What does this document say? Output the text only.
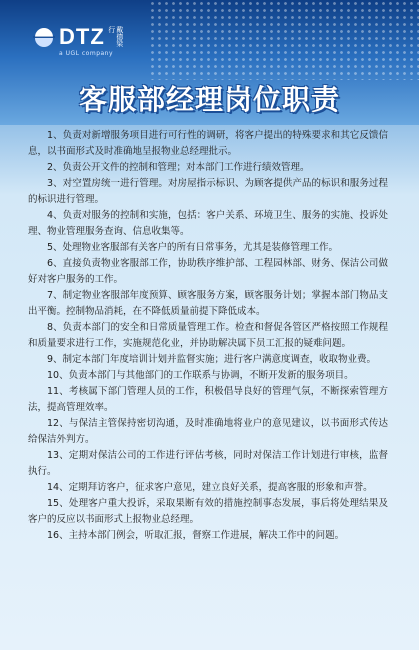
DTZ	戴德梁行
a UGL company
客服部经理岗位职责

1、负责对新增服务项目进行可行性的调研，将客户提出的特殊要求和其它反馈信息，以书面形式及时准确地呈报物业总经理批示。

2、负责公开文件的控制和管理；对本部门工作进行绩效管理。

3、对空置房统一进行管理。对房屋指示标识、为顾客提供产品的标识和服务过程的标识进行管理。

4、负责对服务的控制和实施，包括：客户关系、环境卫生、服务的实施、投诉处理、物业管理服务查询、信息收集等。

5、处理物业客服部有关客户的所有日常事务，尤其是装修管理工作。

6、直接负责物业客服部工作，协助秩序维护部、工程园林部、财务、保洁公司做好对客户服务的工作。

7、制定物业客服部年度预算、顾客服务方案，顾客服务计划；掌握本部门物品支出平衡。控制物品消耗，在不降低质量前提下降低成本。

8、负责本部门的安全和日常质量管理工作。检查和督促各管区严格按照工作规程和质量要求进行工作，实施规范化业，并协助解决属下员工汇报的疑难问题。

9、制定本部门年度培训计划并监督实施；进行客户满意度调查，收取物业费。

10、负责本部门与其他部门的工作联系与协调，不断开发新的服务项目。

11、考核属下部门管理人员的工作，积极倡导良好的管理气氛，不断探索管理方法，提高管理效率。

12、与保洁主管保持密切沟通，及时准确地将业户的意见建议，以书面形式传达给保洁外判方。

13、定期对保洁公司的工作进行评估考核，同时对保洁工作计划进行审核，监督执行。

14、定期拜访客户，征求客户意见，建立良好关系，提高客服的形象和声誉。

15、处理客户重大投诉，采取果断有效的措施控制事态发展，事后将处理结果及客户的反应以书面形式上报物业总经理。

16、主持本部门例会，听取汇报，督察工作进展，解决工作中的问题。
